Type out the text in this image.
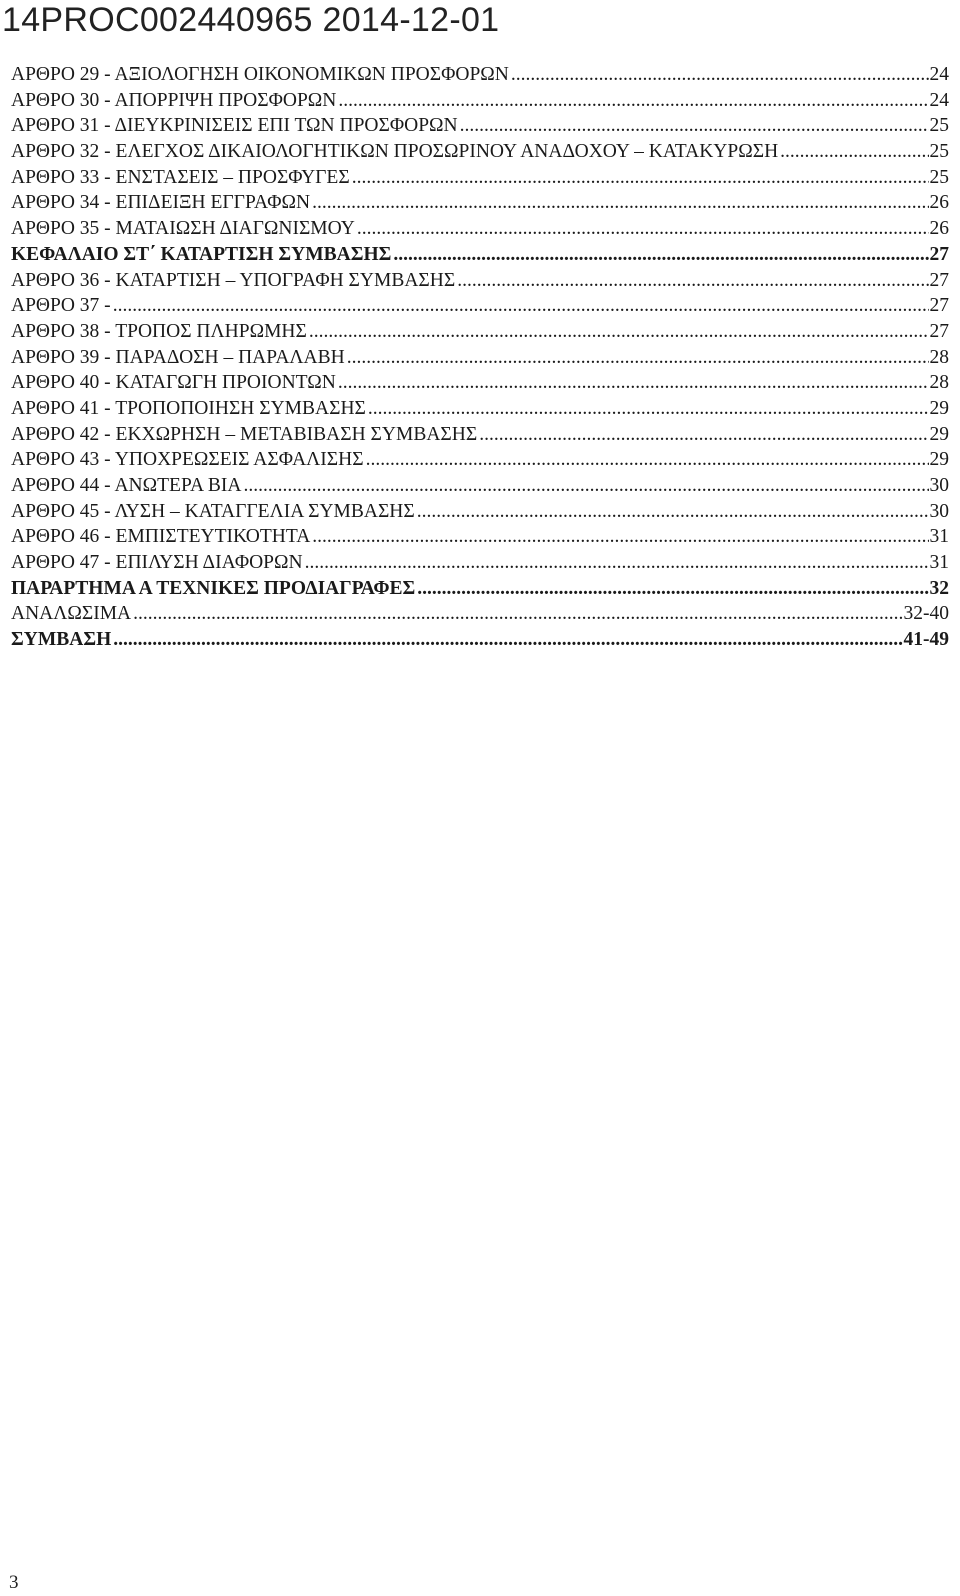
14PROC002440965 2014-12-01
ΑΡΘΡΟ 29 - ΑΞΙΟΛΟΓΗΣΗ ΟΙΚΟΝΟΜΙΚΩΝ ΠΡΟΣΦΟΡΩΝ .....	24
ΑΡΘΡΟ 30 - ΑΠΟΡΡΙΨΗ ΠΡΟΣΦΟΡΩΝ .....	24
ΑΡΘΡΟ 31 - ΔΙΕΥΚΡΙΝΙΣΕΙΣ ΕΠΙ ΤΩΝ ΠΡΟΣΦΟΡΩΝ .....	25
ΑΡΘΡΟ 32 - ΕΛΕΓΧΟΣ ΔΙΚΑΙΟΛΟΓΗΤΙΚΩΝ ΠΡΟΣΩΡΙΝΟΥ ΑΝΑΔΟΧΟΥ – ΚΑΤΑΚΥΡΩΣΗ .....	25
ΑΡΘΡΟ 33 - ΕΝΣΤΑΣΕΙΣ – ΠΡΟΣΦΥΓΕΣ .....	25
ΑΡΘΡΟ 34 - ΕΠΙΔΕΙΞΗ ΕΓΓΡΑΦΩΝ .....	26
ΑΡΘΡΟ 35 - ΜΑΤΑΙΩΣΗ ΔΙΑΓΩΝΙΣΜΟΥ .....	26
ΚΕΦΑΛΑΙΟ ΣΤ΄ ΚΑΤΑΡΤΙΣΗ ΣΥΜΒΑΣΗΣ .....	27
ΑΡΘΡΟ 36 - ΚΑΤΑΡΤΙΣΗ – ΥΠΟΓΡΑΦΗ ΣΥΜΒΑΣΗΣ .....	27
ΑΡΘΡΟ 37 - .....	27
ΑΡΘΡΟ 38 - ΤΡΟΠΟΣ ΠΛΗΡΩΜΗΣ .....	27
ΑΡΘΡΟ 39 - ΠΑΡΑΔΟΣΗ – ΠΑΡΑΛΑΒΗ .....	28
ΑΡΘΡΟ 40 - ΚΑΤΑΓΩΓΗ ΠΡΟΙΟΝΤΩΝ .....	28
ΑΡΘΡΟ 41 - ΤΡΟΠΟΠΟΙΗΣΗ ΣΥΜΒΑΣΗΣ .....	29
ΑΡΘΡΟ 42 - ΕΚΧΩΡΗΣΗ – ΜΕΤΑΒΙΒΑΣΗ ΣΥΜΒΑΣΗΣ .....	29
ΑΡΘΡΟ 43 - ΥΠΟΧΡΕΩΣΕΙΣ ΑΣΦΑΛΙΣΗΣ .....	29
ΑΡΘΡΟ 44 - ΑΝΩΤΕΡΑ ΒΙΑ .....	30
ΑΡΘΡΟ 45 - ΛΥΣΗ – ΚΑΤΑΓΓΕΛΙΑ ΣΥΜΒΑΣΗΣ .....	30
ΑΡΘΡΟ 46 - ΕΜΠΙΣΤΕΥΤΙΚΟΤΗΤΑ .....	31
ΑΡΘΡΟ 47 - ΕΠΙΛΥΣΗ ΔΙΑΦΟΡΩΝ .....	31
ΠΑΡΑΡΤΗΜΑ Α ΤΕΧΝΙΚΕΣ ΠΡΟΔΙΑΓΡΑΦΕΣ .....	32
ΑΝΑΛΩΣΙΜΑ .....	32-40
ΣΥΜΒΑΣΗ .....	41-49
3
